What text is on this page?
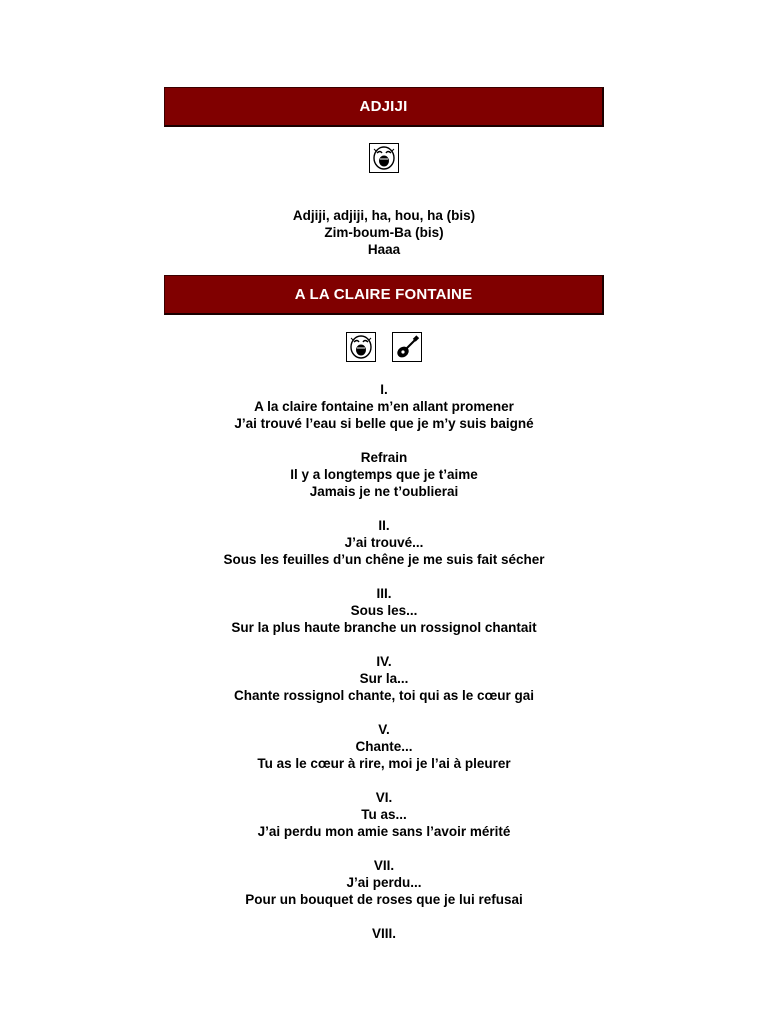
ADJIJI
Adjiji, adjiji, ha, hou, ha (bis)
Zim-boum-Ba (bis)
Haaa
A LA CLAIRE FONTAINE
I.
A la claire fontaine m’en allant promener
J’ai trouvé l’eau si belle que je m’y suis baigné
Refrain
Il y a longtemps que je t’aime
Jamais je ne t’oublierai
II.
J’ai trouvé...
Sous les feuilles d’un chêne je me suis fait sécher
III.
Sous les...
Sur la plus haute branche un rossignol chantait
IV.
Sur la...
Chante rossignol chante, toi qui as le cœur gai
V.
Chante...
Tu as le cœur à rire, moi je l’ai à pleurer
VI.
Tu as...
J’ai perdu mon amie sans l’avoir mérité
VII.
J’ai perdu...
Pour un bouquet de roses que je lui refusai
VIII.
